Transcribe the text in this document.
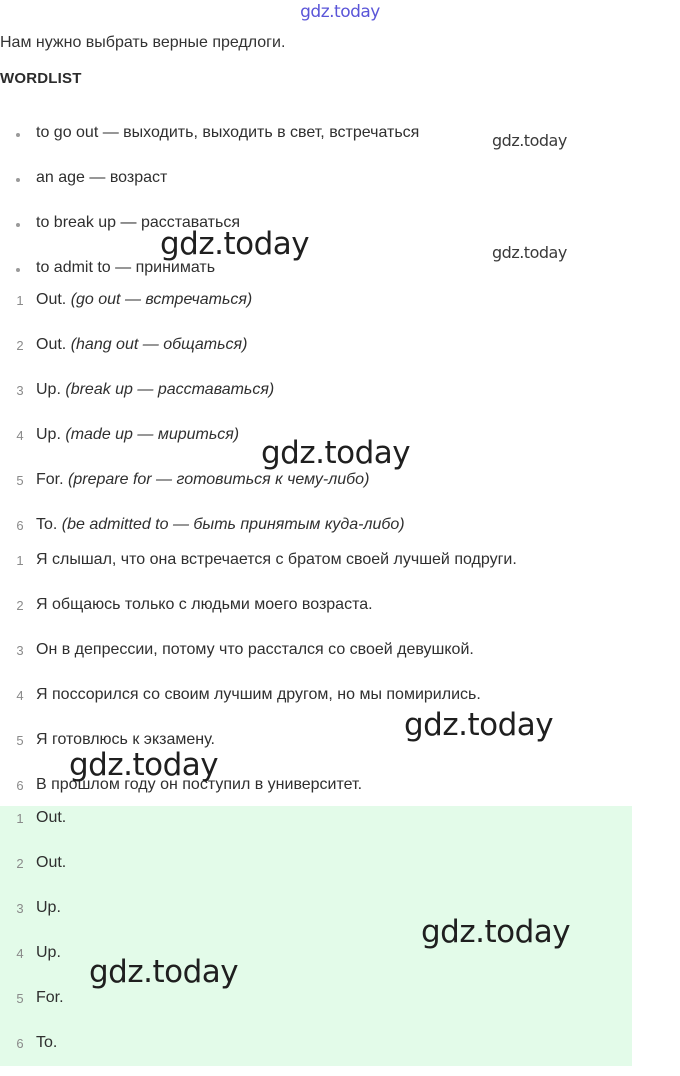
gdz.today
Нам нужно выбрать верные предлоги.
WORDLIST
to go out — выходить, выходить в свет, встречаться
an age — возраст
to break up — расставаться
to admit to — принимать
1 Out. (go out — встречаться)
2 Out. (hang out — общаться)
3 Up. (break up — расставаться)
4 Up. (made up — мириться)
5 For. (prepare for — готовиться к чему-либо)
6 To. (be admitted to — быть принятым куда-либо)
1 Я слышал, что она встречается с братом своей лучшей подруги.
2 Я общаюсь только с людьми моего возраста.
3 Он в депрессии, потому что расстался со своей девушкой.
4 Я поссорился со своим лучшим другом, но мы помирились.
5 Я готовлюсь к экзамену.
6 В прошлом году он поступил в университет.
1 Out.
2 Out.
3 Up.
4 Up.
5 For.
6 To.
gdz.today
gdz.today	gdz.today
gdz.today
gdz.today
gdz.today
gdz.today
gdz.today
